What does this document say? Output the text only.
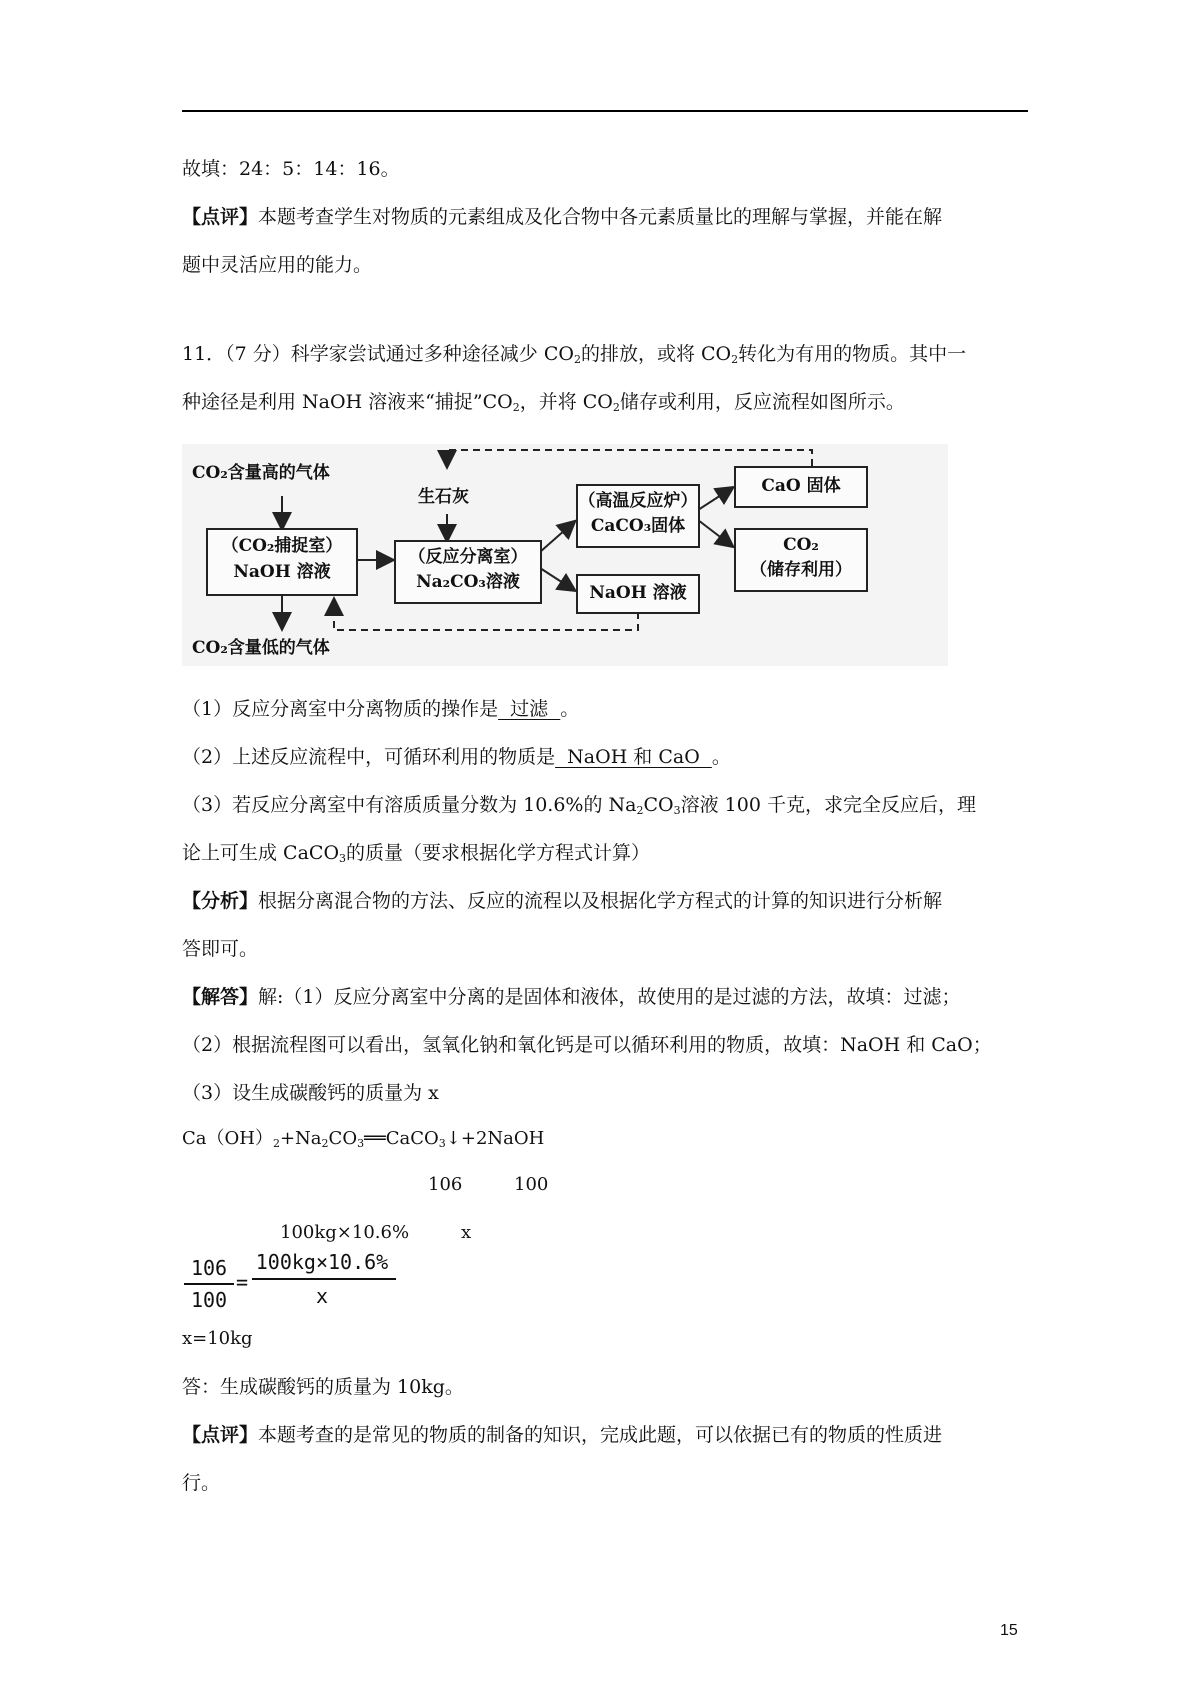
故填：24：5：14：16。
【点评】本题考查学生对物质的元素组成及化合物中各元素质量比的理解与掌握，并能在解
题中灵活应用的能力。
11．（7 分）科学家尝试通过多种途径减少 $CO_2$的排放，或将 $CO_2$转化为有用的物质。其中一
种途径是利用 NaOH 溶液来“捕捉$”CO_2$，并将 $CO_2$储存或利用，反应流程如图所示。
CO₂含量高的气体
CO₂含量低的气体
（CO₂捕捉室）
NaOH 溶液
生石灰
（反应分离室）
Na₂CO₃溶液
（高温反应炉）
CaCO₃固体
NaOH 溶液
CaO 固体
CO₂
（储存利用）
（1）反应分离室中分离物质的操作是  过滤  。
（2）上述反应流程中，可循环利用的物质是  NaOH 和 CaO  。
（3）若反应分离室中有溶质质量分数为 10.6%的 $Na_2CO_3$溶液 100 千克，求完全反应后，理
论上可生成 CaCO$_3$的质量（要求根据化学方程式计算）
【分析】根据分离混合物的方法、反应的流程以及根据化学方程式的计算的知识进行分析解
答即可。
【解答】解:（1）反应分离室中分离的是固体和液体，故使用的是过滤的方法，故填：过滤；
（2）根据流程图可以看出，氢氧化钠和氧化钙是可以循环利用的物质，故填：NaOH 和 CaO；
（3）设生成碳酸钙的质量为 x
$Ca(OH)_2+Na_2CO_3══CaCO_3↓+2NaOH$
106	100
100kg×10.6%	x
106
100
=
100kg×10.6%
x
x=10kg
答：生成碳酸钙的质量为 10kg。
【点评】本题考查的是常见的物质的制备的知识，完成此题，可以依据已有的物质的性质进
行。
15
